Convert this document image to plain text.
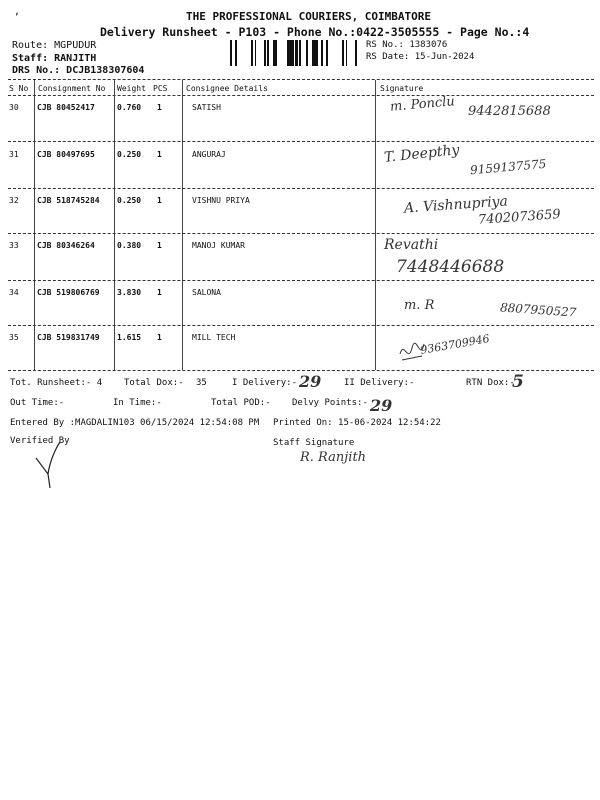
,	THE PROFESSIONAL COURIERS, COIMBATORE
Delivery Runsheet - P103 - Phone No.:0422-3505555 - Page No.:4
Route: MGPUDUR
Staff: RANJITH
DRS No.: DCJB138307604
RS No.: 1383076
RS Date: 15-Jun-2024
S No Consignment No Weight PCS Consignee Details	Signature
30 CJB 80452417	0.760 1	SATISH	m. Ponclu 9442815688
31 CJB 80497695	0.250 1	ANGURAJ	T. Deepthy
9159137575
32 CJB 518745284 0.250 1	VISHNU PRIYA	A. Vishnupriya
7402073659
33 CJB 80346264	0.380 1	MANOJ KUMAR	Revathi
7448446688
34 CJB 519806769 3.830 1	SALONA
m. R	8807950527
35 CJB 519831749 1.615 1	MILL TECH	9363709946
Tot. Runsheet:- 4 Total Dox:- 35	I Delivery:- 29	II Delivery:-	RTN Dox:-
5
Out Time:-	In Time:-	Total POD:- Delvy Points:- 29
Entered By :MAGDALIN103 06/15/2024 12:54:08 PM Printed On: 15-06-2024 12:54:22
Verified By	Staff Signature
R. Ranjith
